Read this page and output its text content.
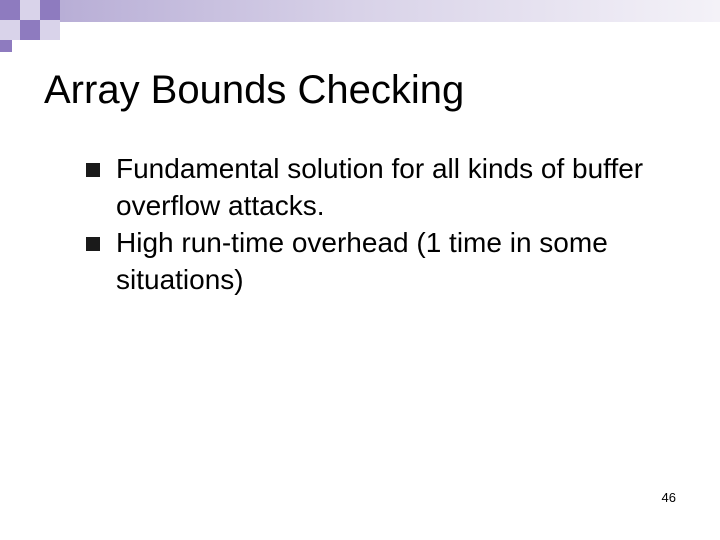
Array Bounds Checking
Fundamental solution for all kinds of buffer overflow attacks.
High run-time overhead (1 time in some situations)
46
